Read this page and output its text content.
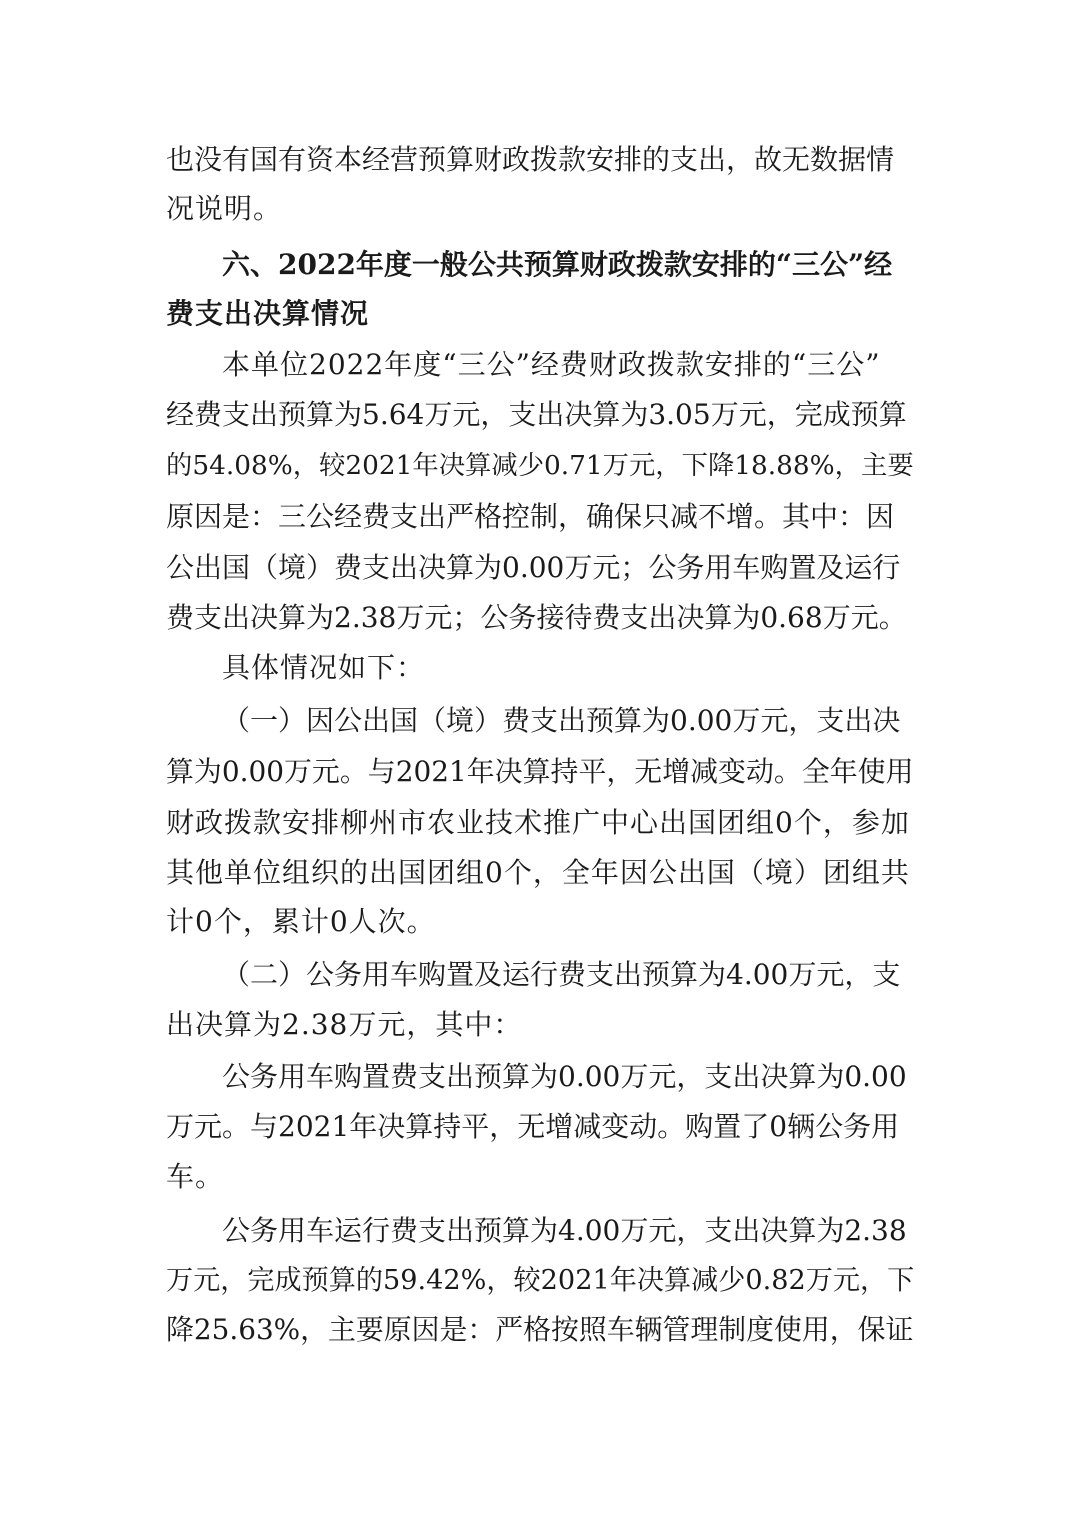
也没有国有资本经营预算财政拨款安排的支出，故无数据情
况说明。
六、2022年度一般公共预算财政拨款安排的“三公”经
费支出决算情况
本单位2022年度“三公”经费财政拨款安排的“三公”
经费支出预算为5.64万元，支出决算为3.05万元，完成预算
的54.08%，较2021年决算减少0.71万元，下降18.88%，主要
原因是：三公经费支出严格控制，确保只减不增。其中：因
公出国（境）费支出决算为0.00万元；公务用车购置及运行
费支出决算为2.38万元；公务接待费支出决算为0.68万元。
具体情况如下：
（一）因公出国（境）费支出预算为0.00万元，支出决
算为0.00万元。与2021年决算持平，无增减变动。全年使用
财政拨款安排柳州市农业技术推广中心出国团组0个，参加
其他单位组织的出国团组0个，全年因公出国（境）团组共
计0个，累计0人次。
（二）公务用车购置及运行费支出预算为4.00万元，支
出决算为2.38万元，其中：
公务用车购置费支出预算为0.00万元，支出决算为0.00
万元。与2021年决算持平，无增减变动。购置了0辆公务用
车。
公务用车运行费支出预算为4.00万元，支出决算为2.38
万元，完成预算的59.42%，较2021年决算减少0.82万元，下
降25.63%，主要原因是：严格按照车辆管理制度使用，保证
